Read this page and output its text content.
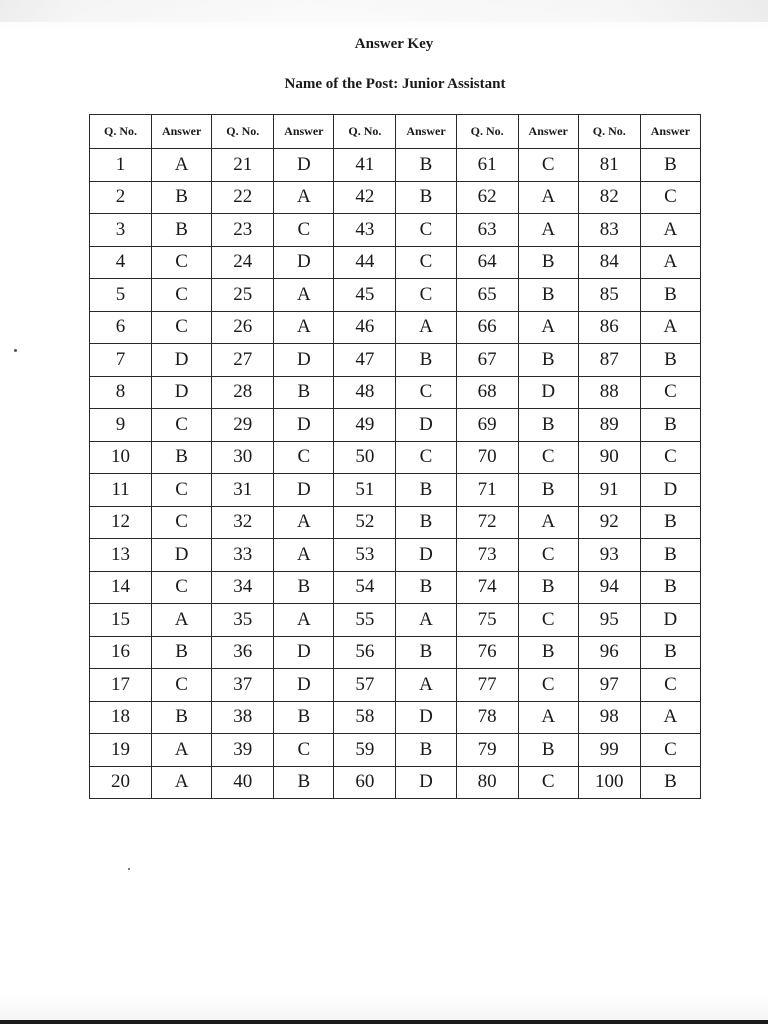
Answer Key
Name of the Post: Junior Assistant
Q. No.	Answer	Q. No.	Answer	Q. No.	Answer	Q. No.	Answer	Q. No.	Answer
1	A	21	D	41	B	61	C	81	B
2	B	22	A	42	B	62	A	82	C
3	B	23	C	43	C	63	A	83	A
4	C	24	D	44	C	64	B	84	A
5	C	25	A	45	C	65	B	85	B
6	C	26	A	46	A	66	A	86	A
7	D	27	D	47	B	67	B	87	B
8	D	28	B	48	C	68	D	88	C
9	C	29	D	49	D	69	B	89	B
10	B	30	C	50	C	70	C	90	C
11	C	31	D	51	B	71	B	91	D
12	C	32	A	52	B	72	A	92	B
13	D	33	A	53	D	73	C	93	B
14	C	34	B	54	B	74	B	94	B
15	A	35	A	55	A	75	C	95	D
16	B	36	D	56	B	76	B	96	B
17	C	37	D	57	A	77	C	97	C
18	B	38	B	58	D	78	A	98	A
19	A	39	C	59	B	79	B	99	C
20	A	40	B	60	D	80	C	100	B
